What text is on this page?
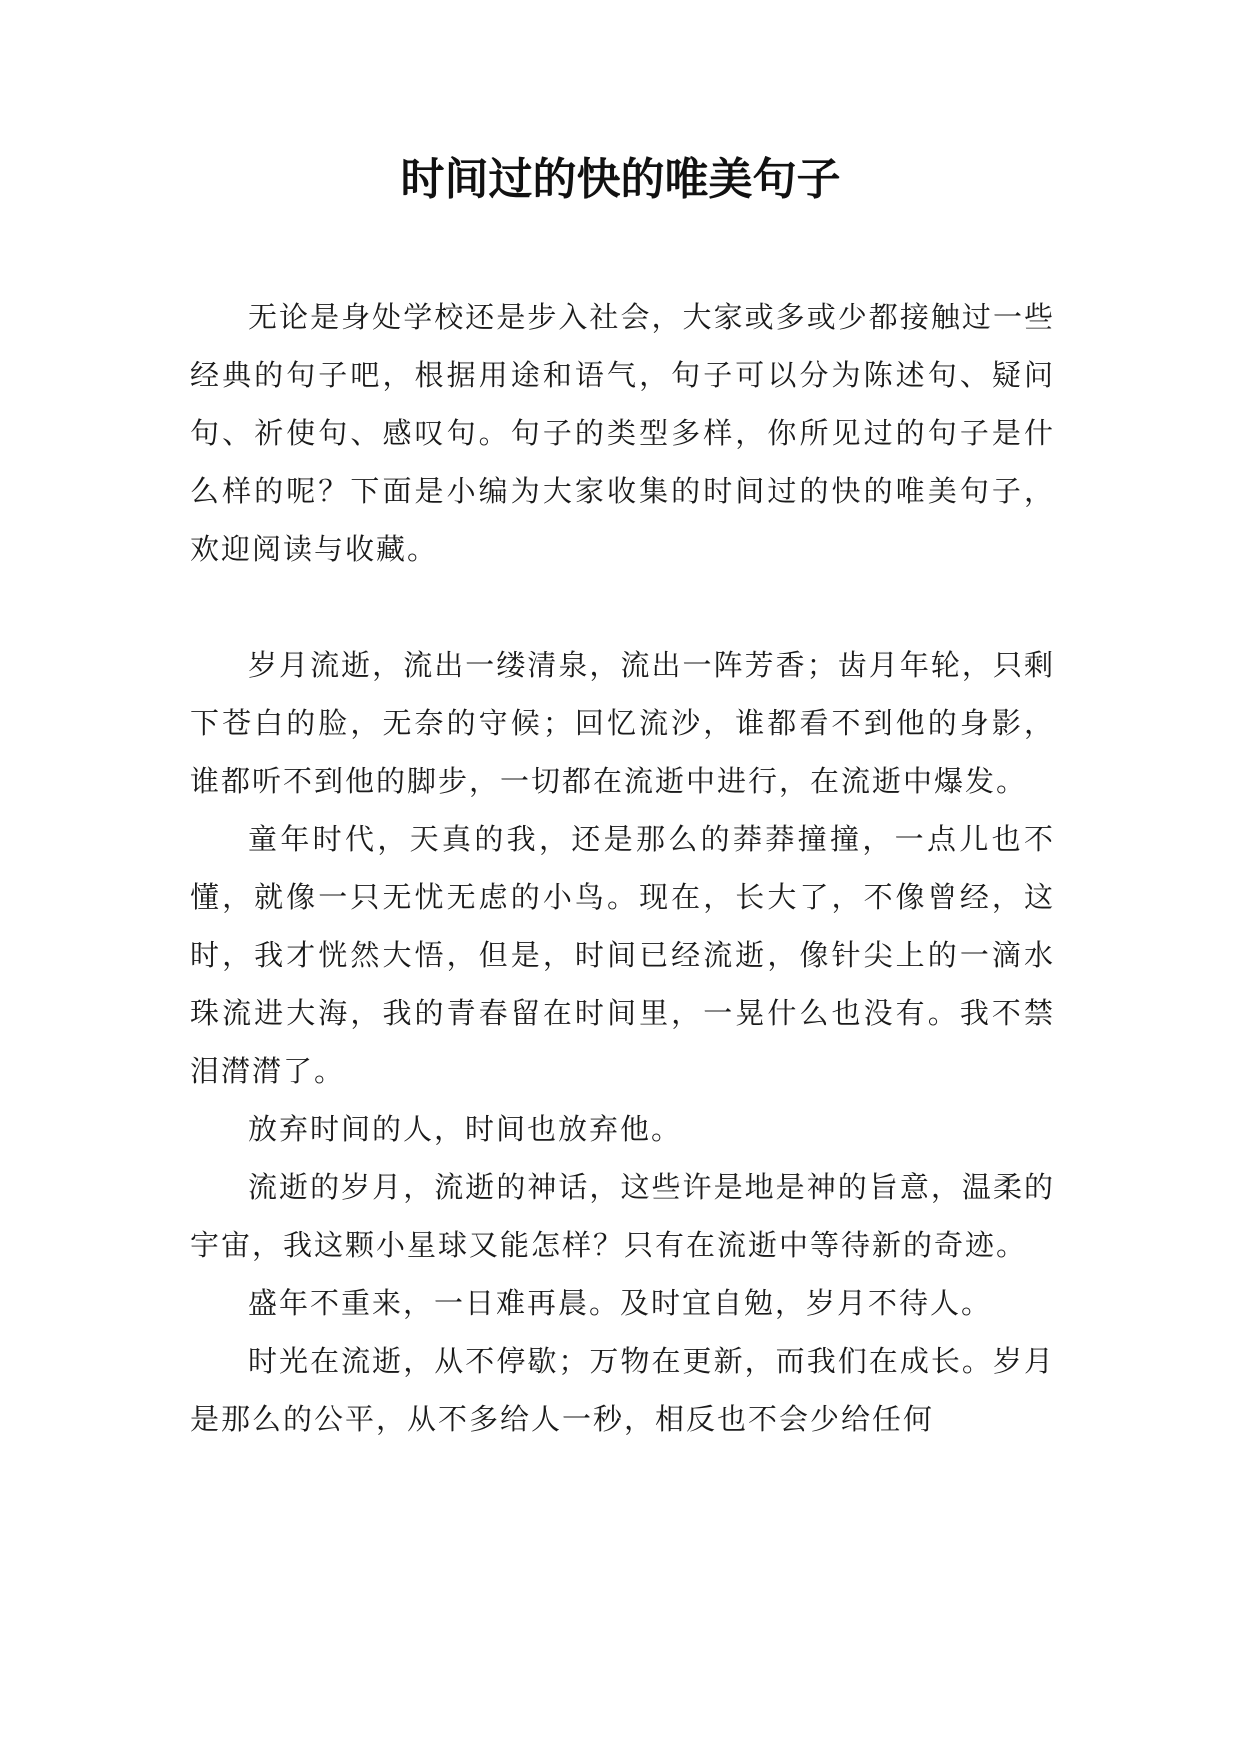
时间过的快的唯美句子

无论是身处学校还是步入社会，大家或多或少都接触过一些经典的句子吧，根据用途和语气，句子可以分为陈述句、疑问句、祈使句、感叹句。句子的类型多样，你所见过的句子是什么样的呢？下面是小编为大家收集的时间过的快的唯美句子，欢迎阅读与收藏。

岁月流逝，流出一缕清泉，流出一阵芳香；齿月年轮，只剩下苍白的脸，无奈的守候；回忆流沙，谁都看不到他的身影，谁都听不到他的脚步，一切都在流逝中进行，在流逝中爆发。

童年时代，天真的我，还是那么的莽莽撞撞，一点儿也不懂，就像一只无忧无虑的小鸟。现在，长大了，不像曾经，这时，我才恍然大悟，但是，时间已经流逝，像针尖上的一滴水珠流进大海，我的青春留在时间里，一晃什么也没有。我不禁泪潸潸了。

放弃时间的人，时间也放弃他。

流逝的岁月，流逝的神话，这些许是地是神的旨意，温柔的宇宙，我这颗小星球又能怎样？只有在流逝中等待新的奇迹。

盛年不重来，一日难再晨。及时宜自勉，岁月不待人。

时光在流逝，从不停歇；万物在更新，而我们在成长。岁月是那么的公平，从不多给人一秒，相反也不会少给任何
